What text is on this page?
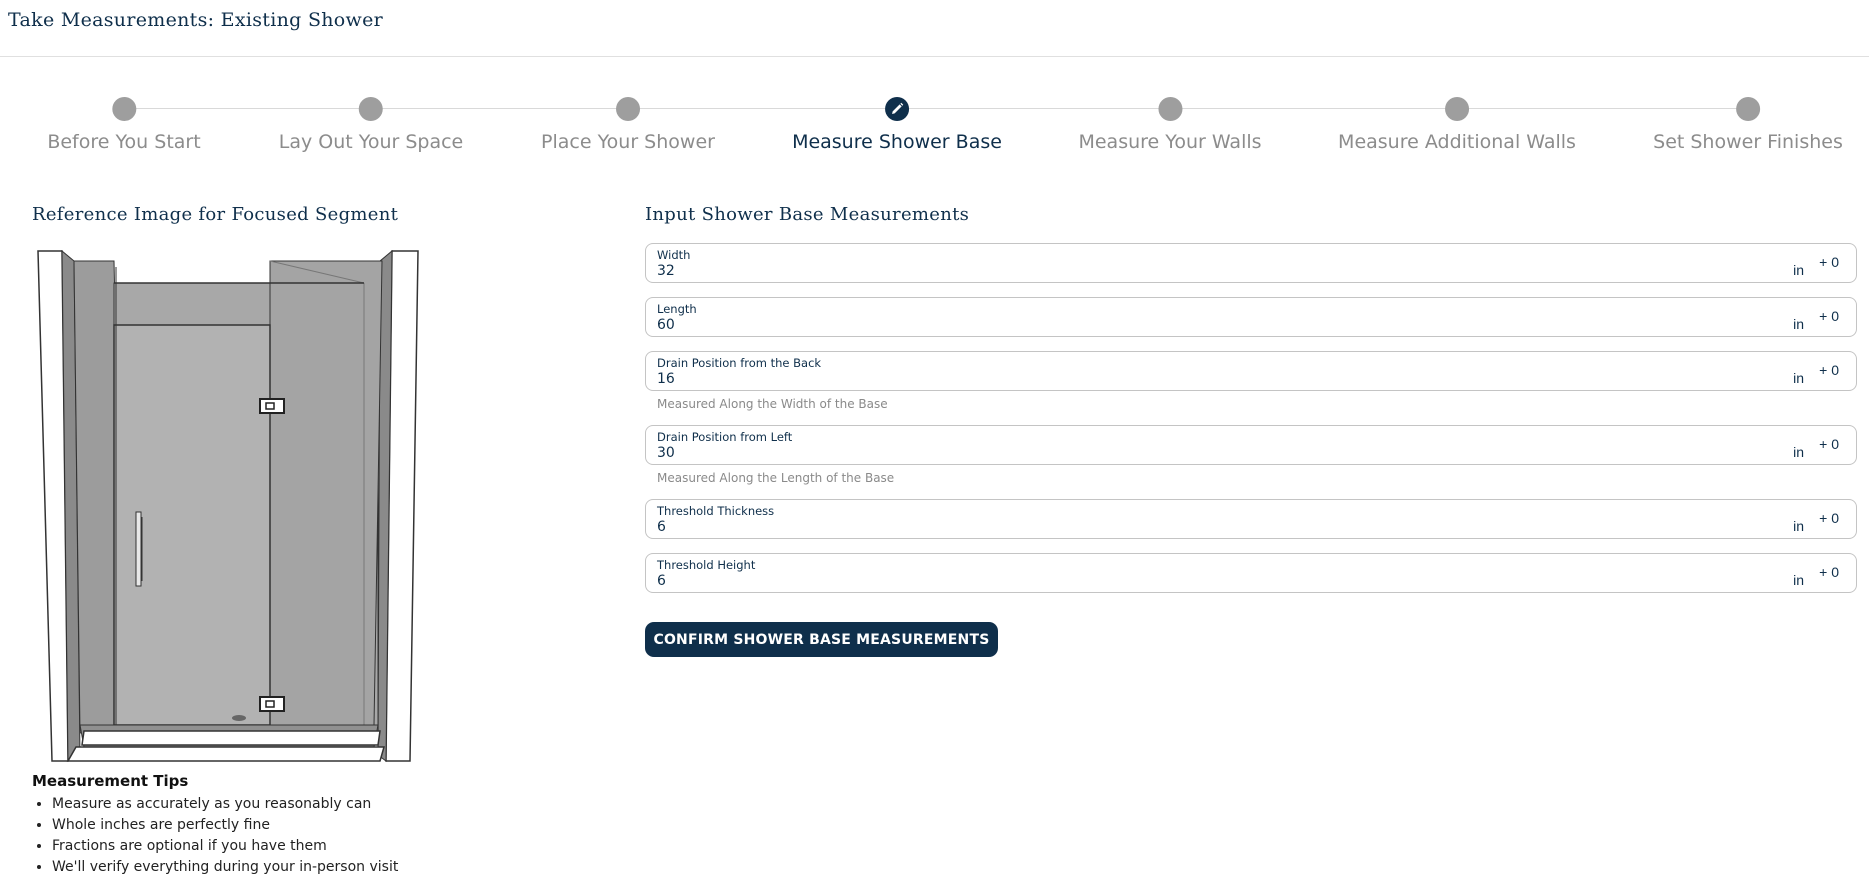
Take Measurements: Existing Shower
Before You Start	Lay Out Your Space	Place Your Shower	Measure Shower Base	Measure Your Walls	Measure Additional Walls	Set Shower Finishes
Reference Image for Focused Segment
Measurement Tips
• Measure as accurately as you reasonably can
• Whole inches are perfectly fine
• Fractions are optional if you have them
• We'll verify everything during your in-person visit
Input Shower Base Measurements
Width
32
in + 0
Length
60
in + 0
Drain Position from the Back
16
in + 0
Measured Along the Width of the Base
Drain Position from Left
30
in + 0
Measured Along the Length of the Base
Threshold Thickness
6
in + 0
Threshold Height
6
in + 0
CONFIRM SHOWER BASE MEASUREMENTS
